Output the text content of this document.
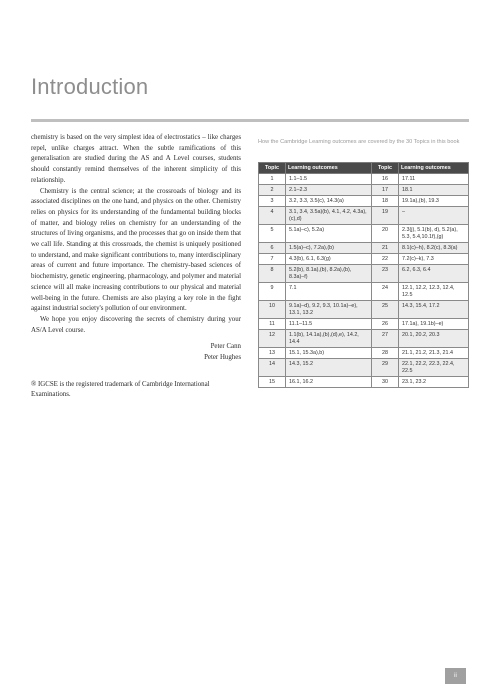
Introduction

chemistry is based on the very simplest idea of electrostatics – like charges repel, unlike charges attract. When the subtle ramifications of this generalisation are studied during the AS and A Level courses, students should constantly remind themselves of the inherent simplicity of this relationship.

Chemistry is the central science; at the crossroads of biology and its associated disciplines on the one hand, and physics on the other. Chemistry relies on physics for its understanding of the fundamental building blocks of matter, and biology relies on chemistry for an understanding of the structures of living organisms, and the processes that go on inside them that we call life. Standing at this crossroads, the chemist is uniquely positioned to understand, and make significant contributions to, many interdisciplinary areas of current and future importance. The chemistry-based sciences of biochemistry, genetic engineering, pharmacology, and polymer and material science will all make increasing contributions to our physical and material well-being in the future. Chemists are also playing a key role in the fight against industrial society's pollution of our environment.

We hope you enjoy discovering the secrets of chemistry during your AS/A Level course.

Peter Cann
Peter Hughes
® IGCSE is the registered trademark of Cambridge International Examinations.
How the Cambridge Learning outcomes are covered by the 30 Topics in this book
Topic	Learning outcomes	Topic	Learning outcomes
1	1.1–1.5	16	17.11
2	2.1–2.3	17	18.1
3	3.2, 3.3, 3.5(c), 14.3(a)	18	19.1a),(b), 19.3
4	3.1, 3.4, 3.5a)(b), 4.1, 4.2, 4.3a),(c),d)	19	–
5	5.1a)–c), 5.2a)	20	2.3(j), 5.1(b), d), 5.2(a), 5.3, 5.4,10.1f),(g)
6	1.5(a)–c), 7.2a),(b)	21	8.1(c)–h), 8.2(c), 8.3(a)
7	4.3(b), 6.1, 6.3(g)	22	7.2(c)–k), 7.3
8	5.2(b), 8.1a),(b), 8.2a),(b), 8.3a)–f)	23	6.2, 6.3, 6.4
9	7.1	24	12.1, 12.2, 12.3, 12.4, 12.5
10	9.1a)–d), 9.2, 9.3, 10.1a)–e), 13.1, 13.2	25	14.3, 15.4, 17.2
11	11.1–11.5	26	17.1a), 19.1b)–e)
12	1.1(b), 14.1a),(b),(d),e), 14.2, 14.4	27	20.1, 20.2, 20.3
13	15.1, 15.3a),b)	28	21.1, 21.2, 21.3, 21.4
14	14.3, 15.2	29	22.1, 22.2, 22.3, 22.4, 22.5
15	16.1, 16.2	30	23.1, 23.2
ii
